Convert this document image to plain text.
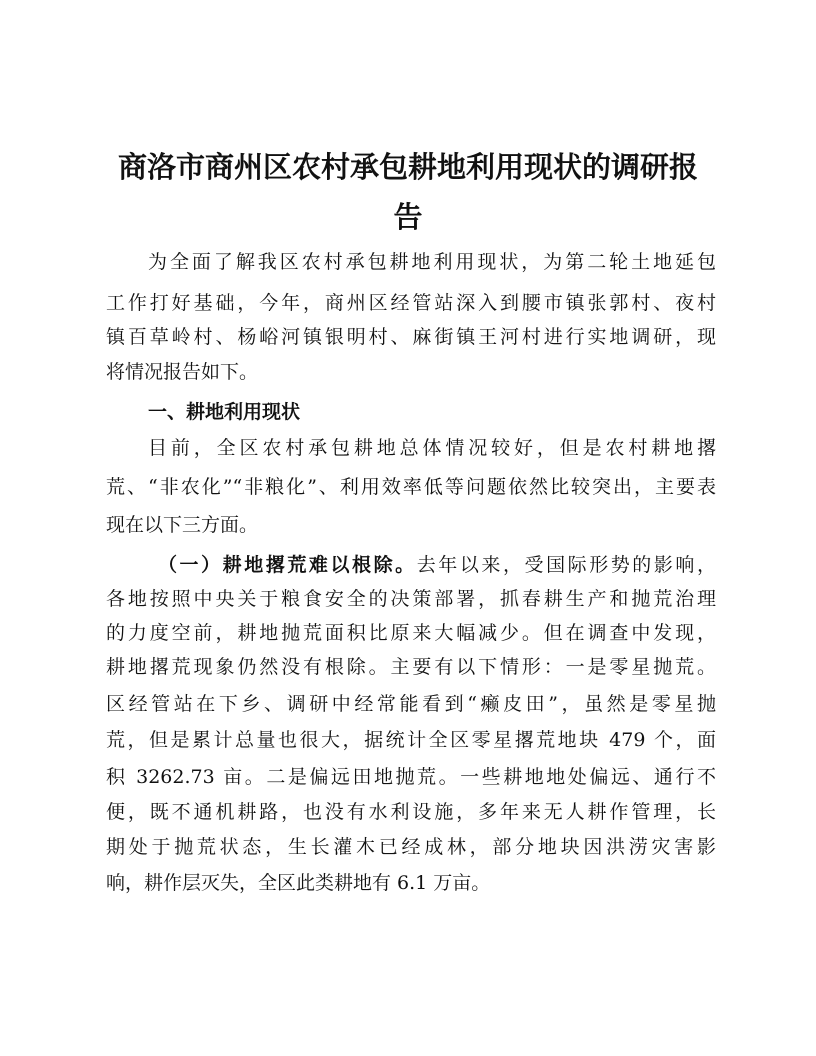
商洛市商州区农村承包耕地利用现状的调研报
告
为全面了解我区农村承包耕地利用现状，为第二轮土地延包
工作打好基础，今年，商州区经管站深入到腰市镇张郭村、夜村
镇百草岭村、杨峪河镇银明村、麻街镇王河村进行实地调研，现
将情况报告如下。
一、耕地利用现状
目前，全区农村承包耕地总体情况较好，但是农村耕地撂
荒、“非农化”“非粮化”、利用效率低等问题依然比较突出，主要表
现在以下三方面。
（一）耕地撂荒难以根除。去年以来，受国际形势的影响，
各地按照中央关于粮食安全的决策部署，抓春耕生产和抛荒治理
的力度空前，耕地抛荒面积比原来大幅减少。但在调查中发现，
耕地撂荒现象仍然没有根除。主要有以下情形：一是零星抛荒。
区经管站在下乡、调研中经常能看到“癞皮田”，虽然是零星抛
荒，但是累计总量也很大，据统计全区零星撂荒地块 479 个，面
积 3262.73 亩。二是偏远田地抛荒。一些耕地地处偏远、通行不
便，既不通机耕路，也没有水利设施，多年来无人耕作管理，长
期处于抛荒状态，生长灌木已经成林，部分地块因洪涝灾害影
响，耕作层灭失，全区此类耕地有 6.1 万亩。
